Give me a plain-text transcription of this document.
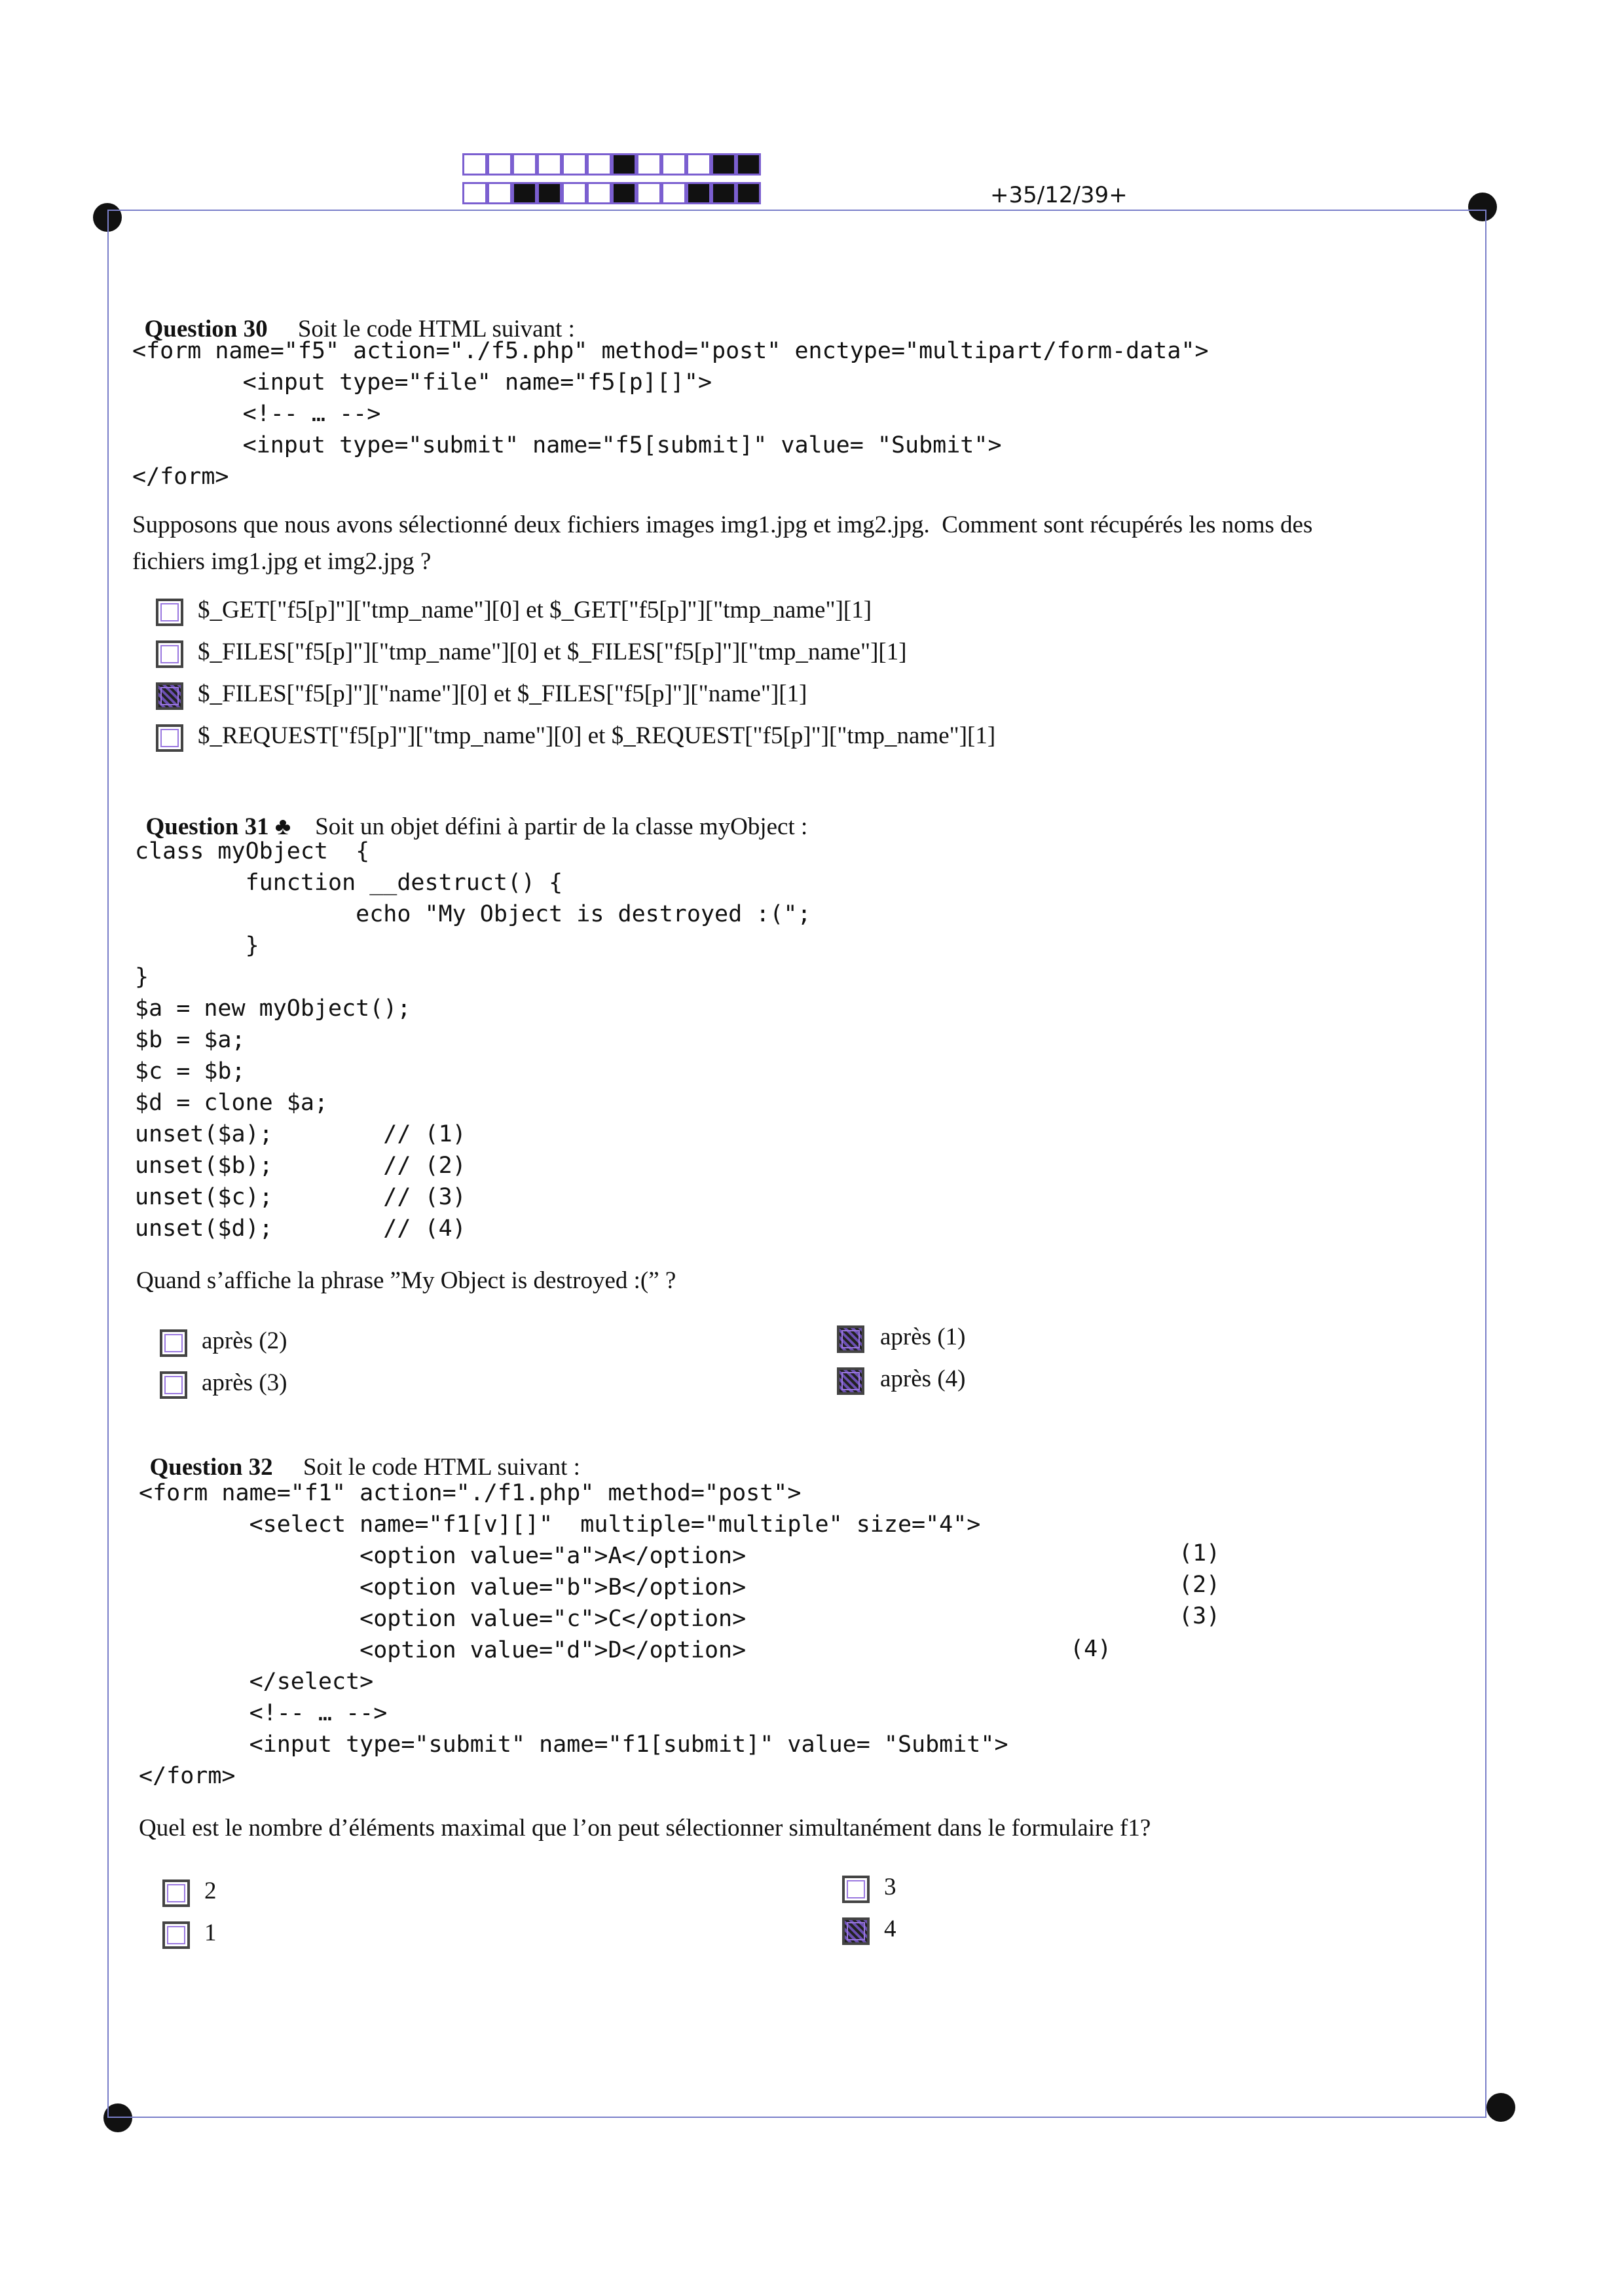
+35/12/39+

Question 30 Soit le code HTML suivant :

<form name="f5" action="./f5.php" method="post" enctype="multipart/form-data">
<input type="file" name="f5[p][]">
<!-- … -->
<input type="submit" name="f5[submit]" value= "Submit">
</form>
Supposons que nous avons sélectionné deux fichiers images img1.jpg et img2.jpg.  Comment sont récupérés les noms des
fichiers img1.jpg et img2.jpg ?
$_GET["f5[p]"]["tmp_name"][0] et $_GET["f5[p]"]["tmp_name"][1]
$_FILES["f5[p]"]["tmp_name"][0] et $_FILES["f5[p]"]["tmp_name"][1]
$_FILES["f5[p]"]["name"][0] et $_FILES["f5[p]"]["name"][1]
$_REQUEST["f5[p]"]["tmp_name"][0] et $_REQUEST["f5[p]"]["tmp_name"][1]

Question 31 ♣ Soit un objet défini à partir de la classe myObject :

class myObject  {
function __destruct() {
echo "My Object is destroyed :(";
}
}
$a = new myObject();
$b = $a;
$c = $b;
$d = clone $a;
unset($a);        // (1)
unset($b);        // (2)
unset($c);        // (3)
unset($d);        // (4)
Quand s’affiche la phrase ”My Object is destroyed :(” ?
après (2)
après (3)
après (1)
après (4)

Question 32 Soit le code HTML suivant :

<form name="f1" action="./f1.php" method="post">
<select name="f1[v][]"  multiple="multiple" size="4">
<option value="a">A</option>
<option value="b">B</option>
<option value="c">C</option>
<option value="d">D</option>
</select>
<!-- … -->
<input type="submit" name="f1[submit]" value= "Submit">
</form>
(1)
(2)
(3)
(4)
Quel est le nombre d’éléments maximal que l’on peut sélectionner simultanément dans le formulaire f1?
2
1
3
4
